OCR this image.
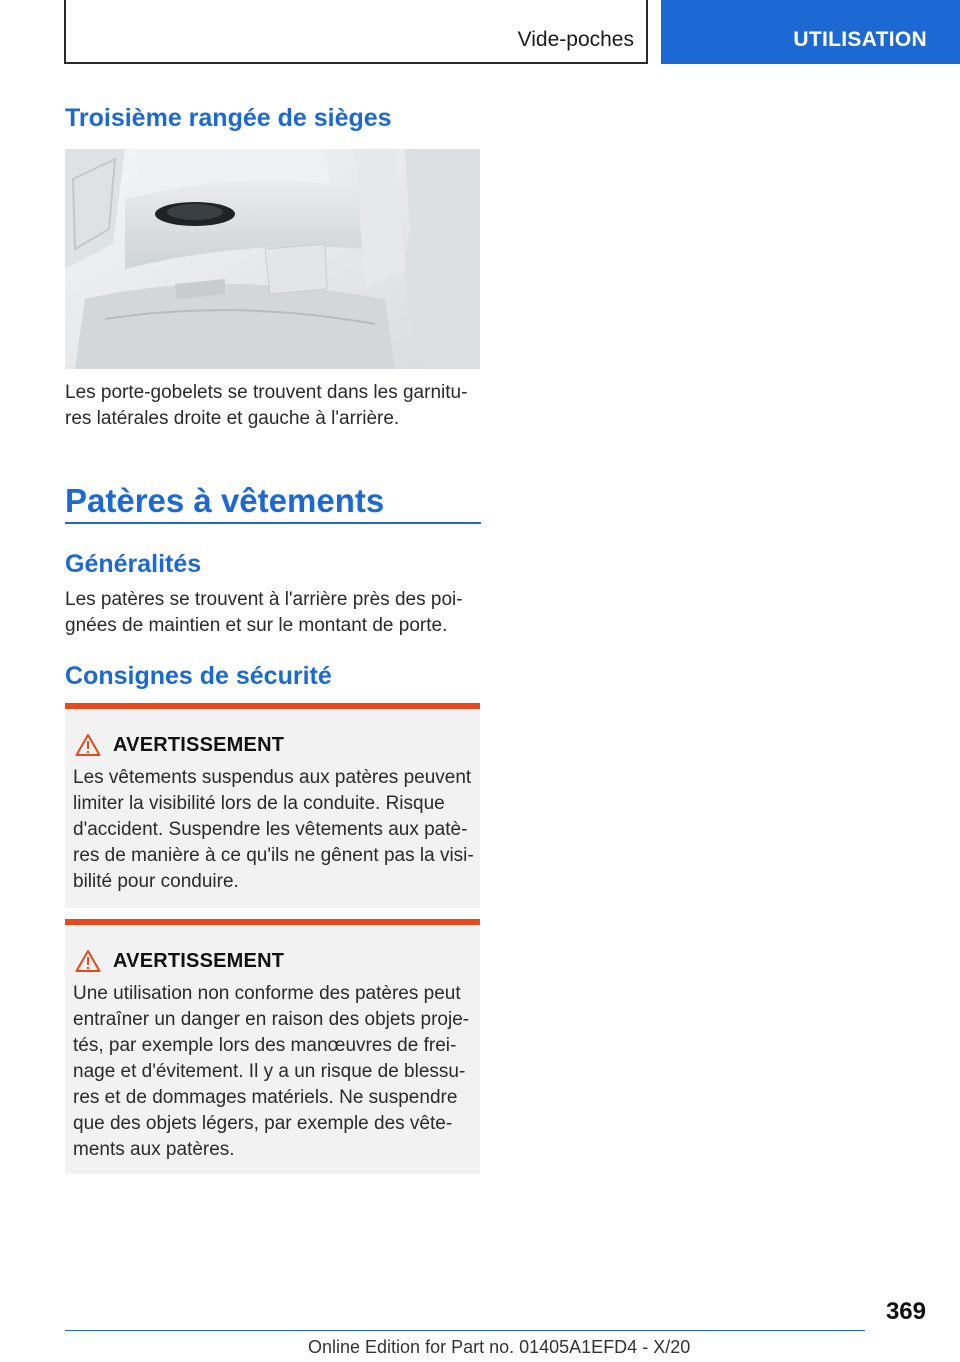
Vide-poches	UTILISATION
Troisième rangée de sièges
Les porte-gobelets se trouvent dans les garnitu-res latérales droite et gauche à l'arrière.
Patères à vêtements
Généralités
Les patères se trouvent à l'arrière près des poi-gnées de maintien et sur le montant de porte.
Consignes de sécurité
AVERTISSEMENT
Les vêtements suspendus aux patères peuvent limiter la visibilité lors de la conduite. Risque d'accident. Suspendre les vêtements aux patè-res de manière à ce qu'ils ne gênent pas la visi-bilité pour conduire.
AVERTISSEMENT
Une utilisation non conforme des patères peut entraîner un danger en raison des objets proje-tés, par exemple lors des manœuvres de frei-nage et d'évitement. Il y a un risque de blessu-res et de dommages matériels. Ne suspendre que des objets légers, par exemple des vête-ments aux patères.
369
Online Edition for Part no. 01405A1EFD4 - X/20
